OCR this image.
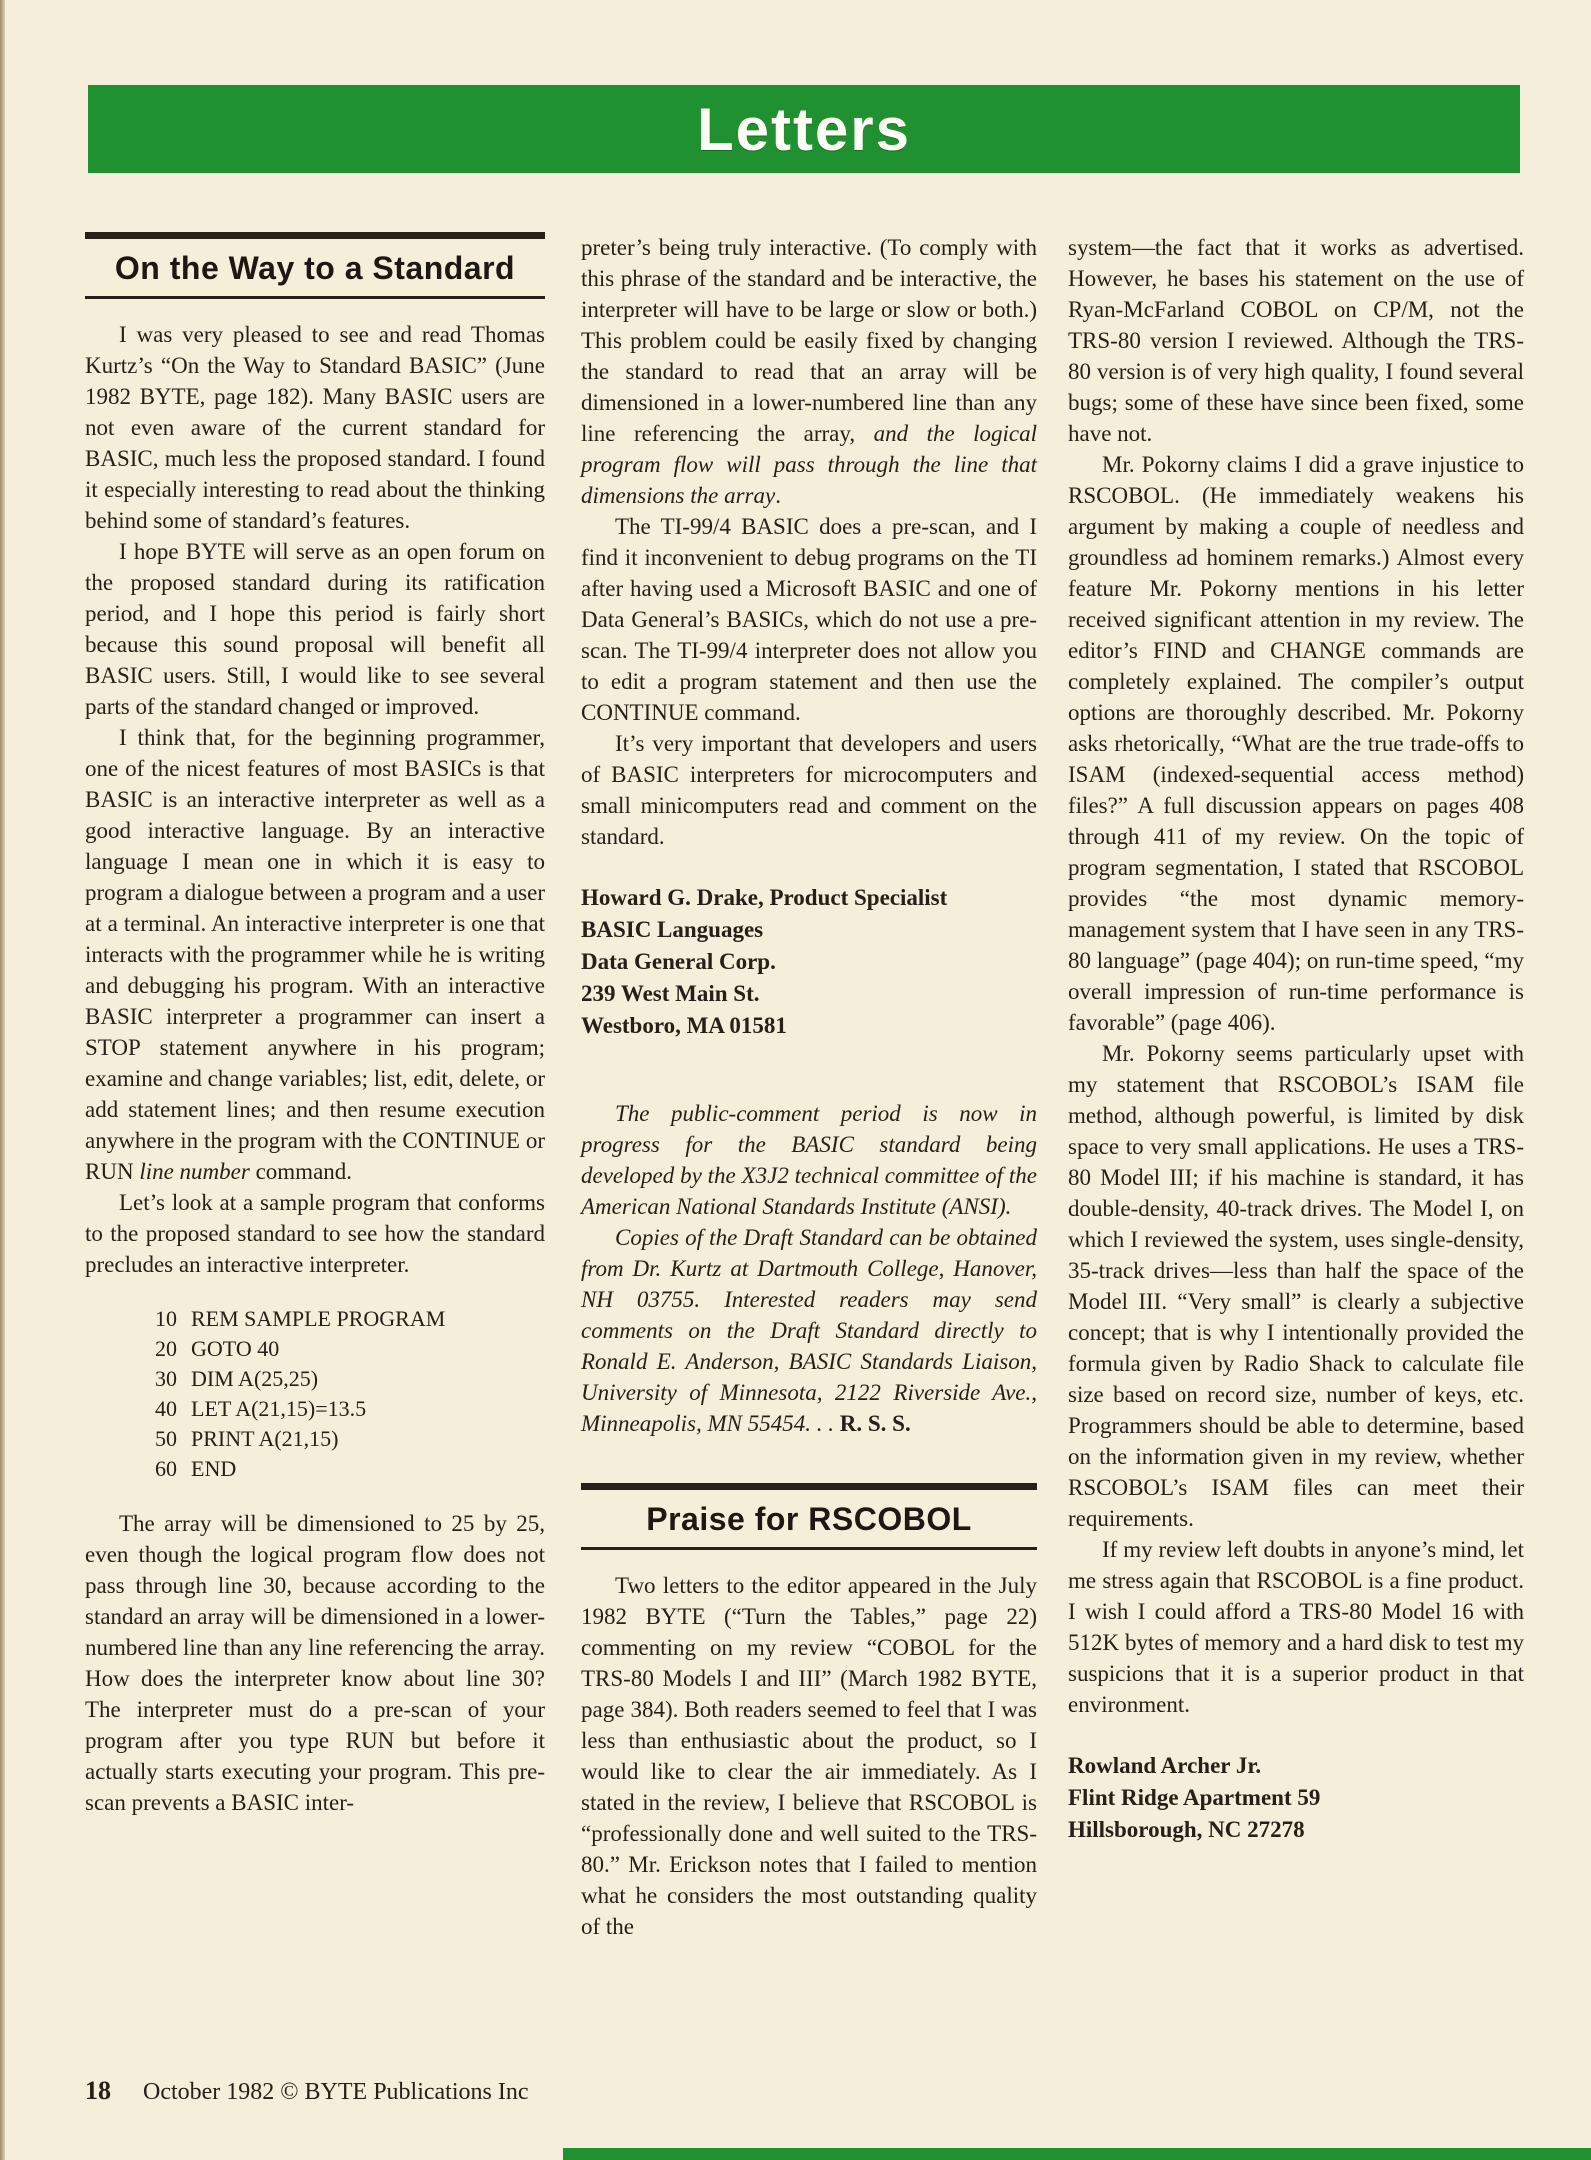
Letters
On the Way to a Standard

I was very pleased to see and read Thomas Kurtz’s “On the Way to Standard BASIC” (June 1982 BYTE, page 182). Many BASIC users are not even aware of the current standard for BASIC, much less the proposed standard. I found it especially interesting to read about the thinking behind some of standard’s features.

I hope BYTE will serve as an open forum on the proposed standard during its ratification period, and I hope this period is fairly short because this sound proposal will benefit all BASIC users. Still, I would like to see several parts of the standard changed or improved.

I think that, for the beginning programmer, one of the nicest features of most BASICs is that BASIC is an interactive interpreter as well as a good interactive language. By an interactive language I mean one in which it is easy to program a dialogue between a program and a user at a terminal. An interactive interpreter is one that interacts with the programmer while he is writing and debugging his program. With an interactive BASIC interpreter a programmer can insert a STOP statement anywhere in his program; examine and change variables; list, edit, delete, or add statement lines; and then resume execution anywhere in the program with the CONTINUE or RUN line number command.

Let’s look at a sample program that conforms to the proposed standard to see how the standard precludes an interactive interpreter.

10 REM SAMPLE PROGRAM
20 GOTO 40
30 DIM A(25,25)
40 LET A(21,15)=13.5
50 PRINT A(21,15)
60 END

The array will be dimensioned to 25 by 25, even though the logical program flow does not pass through line 30, because according to the standard an array will be dimensioned in a lower-numbered line than any line referencing the array. How does the interpreter know about line 30? The interpreter must do a pre-scan of your program after you type RUN but before it actually starts executing your program. This pre-scan prevents a BASIC inter-

preter’s being truly interactive. (To comply with this phrase of the standard and be interactive, the interpreter will have to be large or slow or both.) This problem could be easily fixed by changing the standard to read that an array will be dimensioned in a lower-numbered line than any line referencing the array, and the logical program flow will pass through the line that dimensions the array.

The TI-99/4 BASIC does a pre-scan, and I find it inconvenient to debug programs on the TI after having used a Microsoft BASIC and one of Data General’s BASICs, which do not use a pre-scan. The TI-99/4 interpreter does not allow you to edit a program statement and then use the CONTINUE command.

It’s very important that developers and users of BASIC interpreters for microcomputers and small minicomputers read and comment on the standard.

Howard G. Drake, Product Specialist
BASIC Languages
Data General Corp.
239 West Main St.
Westboro, MA 01581

The public-comment period is now in progress for the BASIC standard being developed by the X3J2 technical committee of the American National Standards Institute (ANSI).

Copies of the Draft Standard can be obtained from Dr. Kurtz at Dartmouth College, Hanover, NH 03755. Interested readers may send comments on the Draft Standard directly to Ronald E. Anderson, BASIC Standards Liaison, University of Minnesota, 2122 Riverside Ave., Minneapolis, MN 55454. . . R. S. S.

Praise for RSCOBOL

Two letters to the editor appeared in the July 1982 BYTE (“Turn the Tables,” page 22) commenting on my review “COBOL for the TRS-80 Models I and III” (March 1982 BYTE, page 384). Both readers seemed to feel that I was less than enthusiastic about the product, so I would like to clear the air immediately. As I stated in the review, I believe that RSCOBOL is “professionally done and well suited to the TRS-80.” Mr. Erickson notes that I failed to mention what he considers the most outstanding quality of the

system—the fact that it works as advertised. However, he bases his statement on the use of Ryan-McFarland COBOL on CP/M, not the TRS-80 version I reviewed. Although the TRS-80 version is of very high quality, I found several bugs; some of these have since been fixed, some have not.

Mr. Pokorny claims I did a grave injustice to RSCOBOL. (He immediately weakens his argument by making a couple of needless and groundless ad hominem remarks.) Almost every feature Mr. Pokorny mentions in his letter received significant attention in my review. The editor’s FIND and CHANGE commands are completely explained. The compiler’s output options are thoroughly described. Mr. Pokorny asks rhetorically, “What are the true trade-offs to ISAM (indexed-sequential access method) files?” A full discussion appears on pages 408 through 411 of my review. On the topic of program segmentation, I stated that RSCOBOL provides “the most dynamic memory-management system that I have seen in any TRS-80 language” (page 404); on run-time speed, “my overall impression of run-time performance is favorable” (page 406).

Mr. Pokorny seems particularly upset with my statement that RSCOBOL’s ISAM file method, although powerful, is limited by disk space to very small applications. He uses a TRS-80 Model III; if his machine is standard, it has double-density, 40-track drives. The Model I, on which I reviewed the system, uses single-density, 35-track drives—less than half the space of the Model III. “Very small” is clearly a subjective concept; that is why I intentionally provided the formula given by Radio Shack to calculate file size based on record size, number of keys, etc. Programmers should be able to determine, based on the information given in my review, whether RSCOBOL’s ISAM files can meet their requirements.

If my review left doubts in anyone’s mind, let me stress again that RSCOBOL is a fine product. I wish I could afford a TRS-80 Model 16 with 512K bytes of memory and a hard disk to test my suspicions that it is a superior product in that environment.

Rowland Archer Jr.
Flint Ridge Apartment 59
Hillsborough, NC 27278
18 October 1982 © BYTE Publications Inc
